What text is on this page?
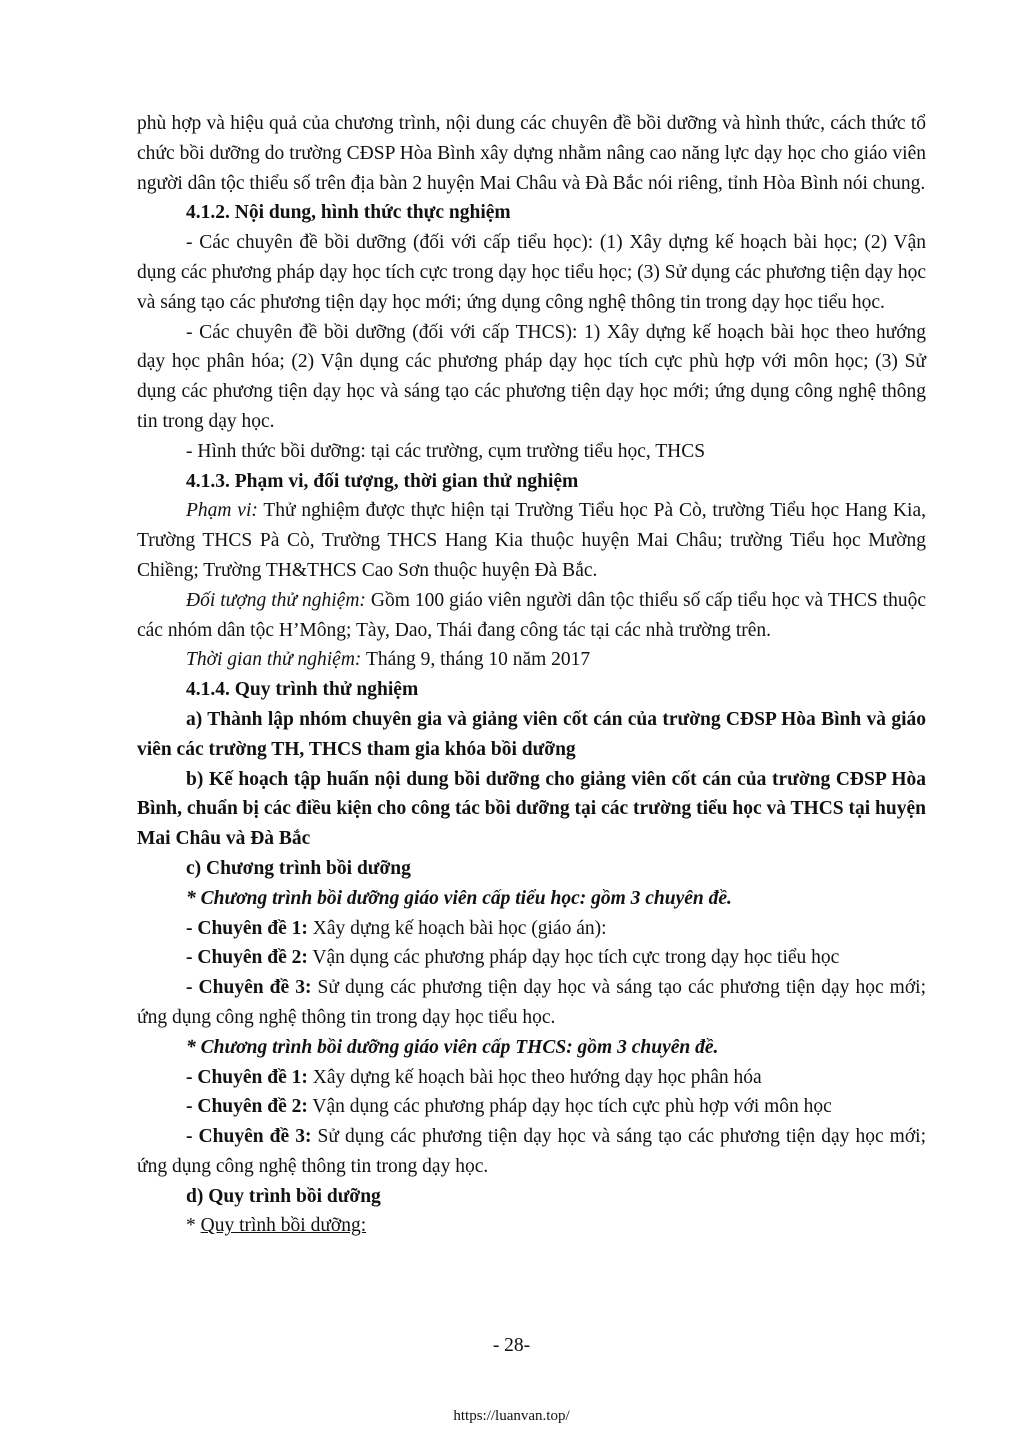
phù hợp và hiệu quả của chương trình, nội dung các chuyên đề bồi dưỡng và hình thức, cách thức tổ chức bồi dưỡng do trường CĐSP Hòa Bình xây dựng nhằm nâng cao năng lực dạy học cho giáo viên người dân tộc thiểu số trên địa bàn 2 huyện Mai Châu và Đà Bắc nói riêng, tỉnh Hòa Bình nói chung.

4.1.2. Nội dung, hình thức thực nghiệm

- Các chuyên đề bồi dưỡng (đối với cấp tiểu học): (1) Xây dựng kế hoạch bài học; (2) Vận dụng các phương pháp dạy học tích cực trong dạy học tiểu học; (3) Sử dụng các phương tiện dạy học và sáng tạo các phương tiện dạy học mới; ứng dụng công nghệ thông tin trong dạy học tiểu học.

- Các chuyên đề bồi dưỡng (đối với cấp THCS): 1) Xây dựng kế hoạch bài học theo hướng dạy học phân hóa; (2) Vận dụng các phương pháp dạy học tích cực phù hợp với môn học; (3) Sử dụng các phương tiện dạy học và sáng tạo các phương tiện dạy học mới; ứng dụng công nghệ thông tin trong dạy học.

- Hình thức bồi dưỡng: tại các trường, cụm trường tiểu học, THCS

4.1.3. Phạm vi, đối tượng, thời gian thử nghiệm

Phạm vi: Thử nghiệm được thực hiện tại Trường Tiểu học Pà Cò, trường Tiểu học Hang Kia, Trường THCS Pà Cò, Trường THCS Hang Kia thuộc huyện Mai Châu; trường Tiểu học Mường Chiềng; Trường TH&THCS Cao Sơn thuộc huyện Đà Bắc.

Đối tượng thử nghiệm: Gồm 100 giáo viên người dân tộc thiểu số cấp tiểu học và THCS thuộc các nhóm dân tộc H’Mông; Tày, Dao, Thái đang công tác tại các nhà trường trên.

Thời gian thử nghiệm: Tháng 9, tháng 10 năm 2017

4.1.4. Quy trình thử nghiệm

a) Thành lập nhóm chuyên gia và giảng viên cốt cán của trường CĐSP Hòa Bình và giáo viên các trường TH, THCS tham gia khóa bồi dưỡng

b) Kế hoạch tập huấn nội dung bồi dưỡng cho giảng viên cốt cán của trường CĐSP Hòa Bình, chuẩn bị các điều kiện cho công tác bồi dưỡng tại các trường tiểu học và THCS tại huyện Mai Châu và Đà Bắc

c) Chương trình bồi dưỡng

* Chương trình bồi dưỡng giáo viên cấp tiểu học: gồm 3 chuyên đề.

- Chuyên đề 1: Xây dựng kế hoạch bài học (giáo án):

- Chuyên đề 2: Vận dụng các phương pháp dạy học tích cực trong dạy học tiểu học

- Chuyên đề 3: Sử dụng các phương tiện dạy học và sáng tạo các phương tiện dạy học mới; ứng dụng công nghệ thông tin trong dạy học tiểu học.

* Chương trình bồi dưỡng giáo viên cấp THCS: gồm 3 chuyên đề.

- Chuyên đề 1: Xây dựng kế hoạch bài học theo hướng dạy học phân hóa

- Chuyên đề 2: Vận dụng các phương pháp dạy học tích cực phù hợp với môn học

- Chuyên đề 3: Sử dụng các phương tiện dạy học và sáng tạo các phương tiện dạy học mới; ứng dụng công nghệ thông tin trong dạy học.

d) Quy trình bồi dưỡng

* Quy trình bồi dưỡng:

- 28-
https://luanvan.top/
